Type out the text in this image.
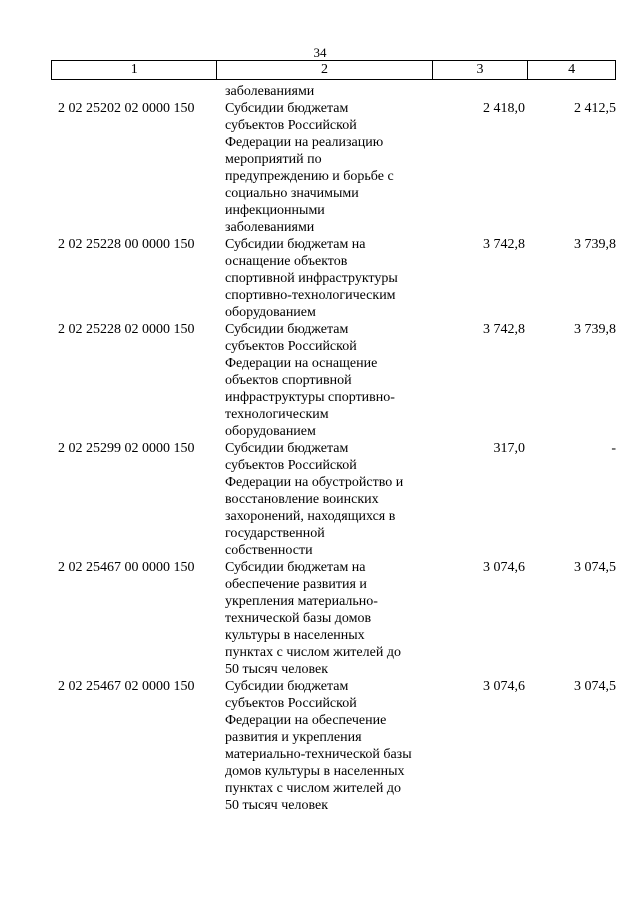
34
1	2	3	4
заболеваниями
2 02 25202 02 0000 150	Субсидии бюджетам
субъектов Российской
Федерации на реализацию
мероприятий по
предупреждению и борьбе с
социально значимыми
инфекционными
заболеваниями
2 418,0	2 412,5
2 02 25228 00 0000 150	Субсидии бюджетам на
оснащение объектов
спортивной инфраструктуры
спортивно-технологическим
оборудованием
3 742,8	3 739,8
2 02 25228 02 0000 150	Субсидии бюджетам
субъектов Российской
Федерации на оснащение
объектов спортивной
инфраструктуры спортивно-
технологическим
оборудованием
3 742,8	3 739,8
2 02 25299 02 0000 150	Субсидии бюджетам
субъектов Российской
Федерации на обустройство и
восстановление воинских
захоронений, находящихся в
государственной
собственности
317,0	-
2 02 25467 00 0000 150	Субсидии бюджетам на
обеспечение развития и
укрепления материально-
технической базы домов
культуры в населенных
пунктах с числом жителей до
50 тысяч человек
3 074,6	3 074,5
2 02 25467 02 0000 150	Субсидии бюджетам
субъектов Российской
Федерации на обеспечение
развития и укрепления
материально-технической базы
домов культуры в населенных
пунктах с числом жителей до
50 тысяч человек
3 074,6	3 074,5
